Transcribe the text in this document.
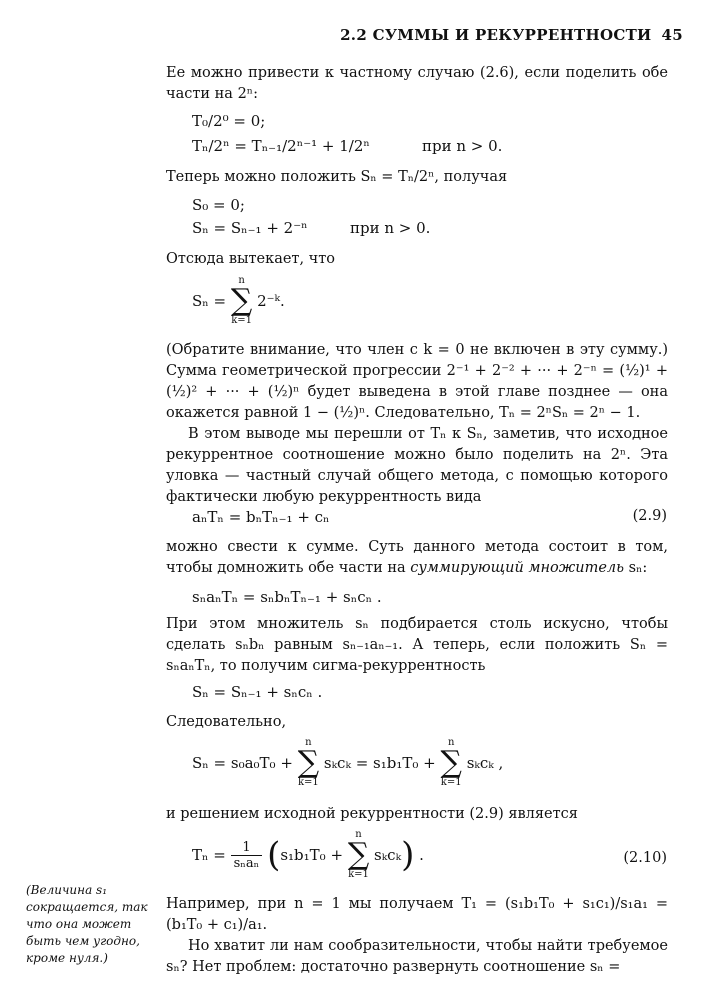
2.2 СУММЫ И РЕКУРРЕНТНОСТИ 45

Ее можно привести к частному случаю (2.6), если поделить обе части на 2ⁿ:

T₀/2⁰ = 0;
Tₙ/2ⁿ = Tₙ₋₁/2ⁿ⁻¹ + 1/2ⁿ	при n > 0.

Теперь можно положить Sₙ = Tₙ/2ⁿ, получая

S₀ = 0;
Sₙ = Sₙ₋₁ + 2⁻ⁿ	при n > 0.

Отсюда вытекает, что

Sₙ =
n
∑
k=1
2⁻ᵏ.

(Обратите внимание, что член с k = 0 не включен в эту сумму.) Сумма геометрической прогрессии 2⁻¹ + 2⁻² + ··· + 2⁻ⁿ = (½)¹ + (½)² + ··· + (½)ⁿ будет выведена в этой главе позднее — она окажется равной 1 − (½)ⁿ. Следовательно, Tₙ = 2ⁿSₙ = 2ⁿ − 1.

В этом выводе мы перешли от Tₙ к Sₙ, заметив, что исходное рекуррентное соотношение можно было поделить на 2ⁿ. Эта уловка — частный случай общего метода, с помощью которого фактически любую рекуррентность вида

aₙTₙ = bₙTₙ₋₁ + cₙ	(2.9)

можно свести к сумме. Суть данного метода состоит в том, чтобы домножить обе части на суммирующий множитель sₙ:

sₙaₙTₙ = sₙbₙTₙ₋₁ + sₙcₙ .

При этом множитель sₙ подбирается столь искусно, чтобы сделать sₙbₙ равным sₙ₋₁aₙ₋₁. А теперь, если положить Sₙ = sₙaₙTₙ, то получим сигма-рекуррентность

Sₙ = Sₙ₋₁ + sₙcₙ .

Следовательно,

Sₙ = s₀a₀T₀ +
n
∑
k=1
sₖcₖ = s₁b₁T₀ +
n
∑
k=1
sₖcₖ ,

и решением исходной рекуррентности (2.9) является

$T_n = \frac{1}{\text{sₙaₙ}} (s_1b_1T_0$ +
n
∑
k=1
sₖcₖ) .	(2.10)

Например, при n = 1 мы получаем T₁ = (s₁b₁T₀ + s₁c₁)/s₁a₁ = (b₁T₀ + c₁)/a₁.

Но хватит ли нам сообразительности, чтобы найти требуемое sₙ? Нет проблем: достаточно развернуть соотношение sₙ =

(Величина s₁ сокращается, так что она может быть чем угодно, кроме нуля.)
